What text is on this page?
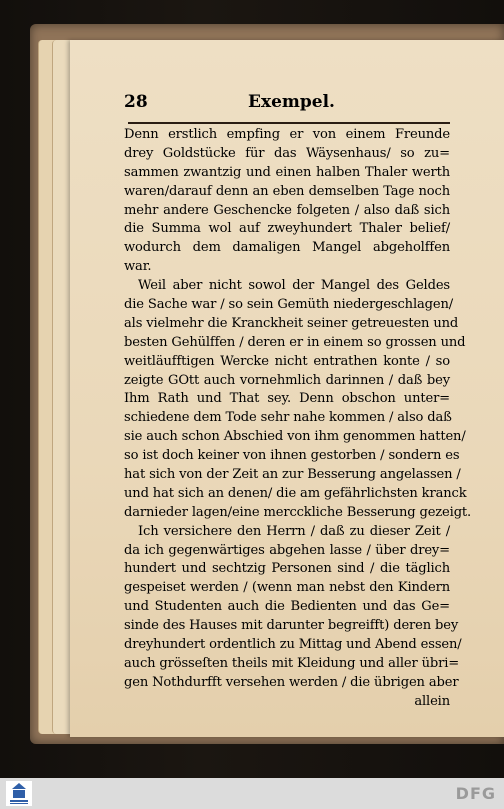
28	Exempel.
Denn erstlich empfing er von einem Freunde
drey Goldstücke für das Wäysenhaus/ so zu=
sammen zwantzig und einen halben Thaler werth
waren/darauf denn an eben demselben Tage noch
mehr andere Geschencke folgeten / also daß sich
die Summa wol auf zweyhundert Thaler belief/
wodurch dem damaligen Mangel abgeholffen
war.
Weil aber nicht sowol der Mangel des Geldes
die Sache war / so sein Gemüth niedergeschlagen/
als vielmehr die Kranckheit seiner getreuesten und
besten Gehülffen / deren er in einem so grossen und
weitläufftigen Wercke nicht entrathen konte / so
zeigte GOtt auch vornehmlich darinnen / daß bey
Ihm Rath und That sey. Denn obschon unter=
schiedene dem Tode sehr nahe kommen / also daß
sie auch schon Abschied von ihm genommen hatten/
so ist doch keiner von ihnen gestorben / sondern es
hat sich von der Zeit an zur Besserung angelassen /
und hat sich an denen/ die am gefährlichsten kranck
darnieder lagen/eine mercckliche Besserung gezeigt.
Ich versichere den Herrn / daß zu dieser Zeit /
da ich gegenwärtiges abgehen lasse / über drey=
hundert und sechtzig Personen sind / die täglich
gespeiset werden / (wenn man nebst den Kindern
und Studenten auch die Bedienten und das Ge=
sinde des Hauses mit darunter begreifft) deren bey
dreyhundert ordentlich zu Mittag und Abend essen/
auch grösseſten theils mit Kleidung und aller übri=
gen Nothdurfft versehen werden / die übrigen aber
allein
DFG
